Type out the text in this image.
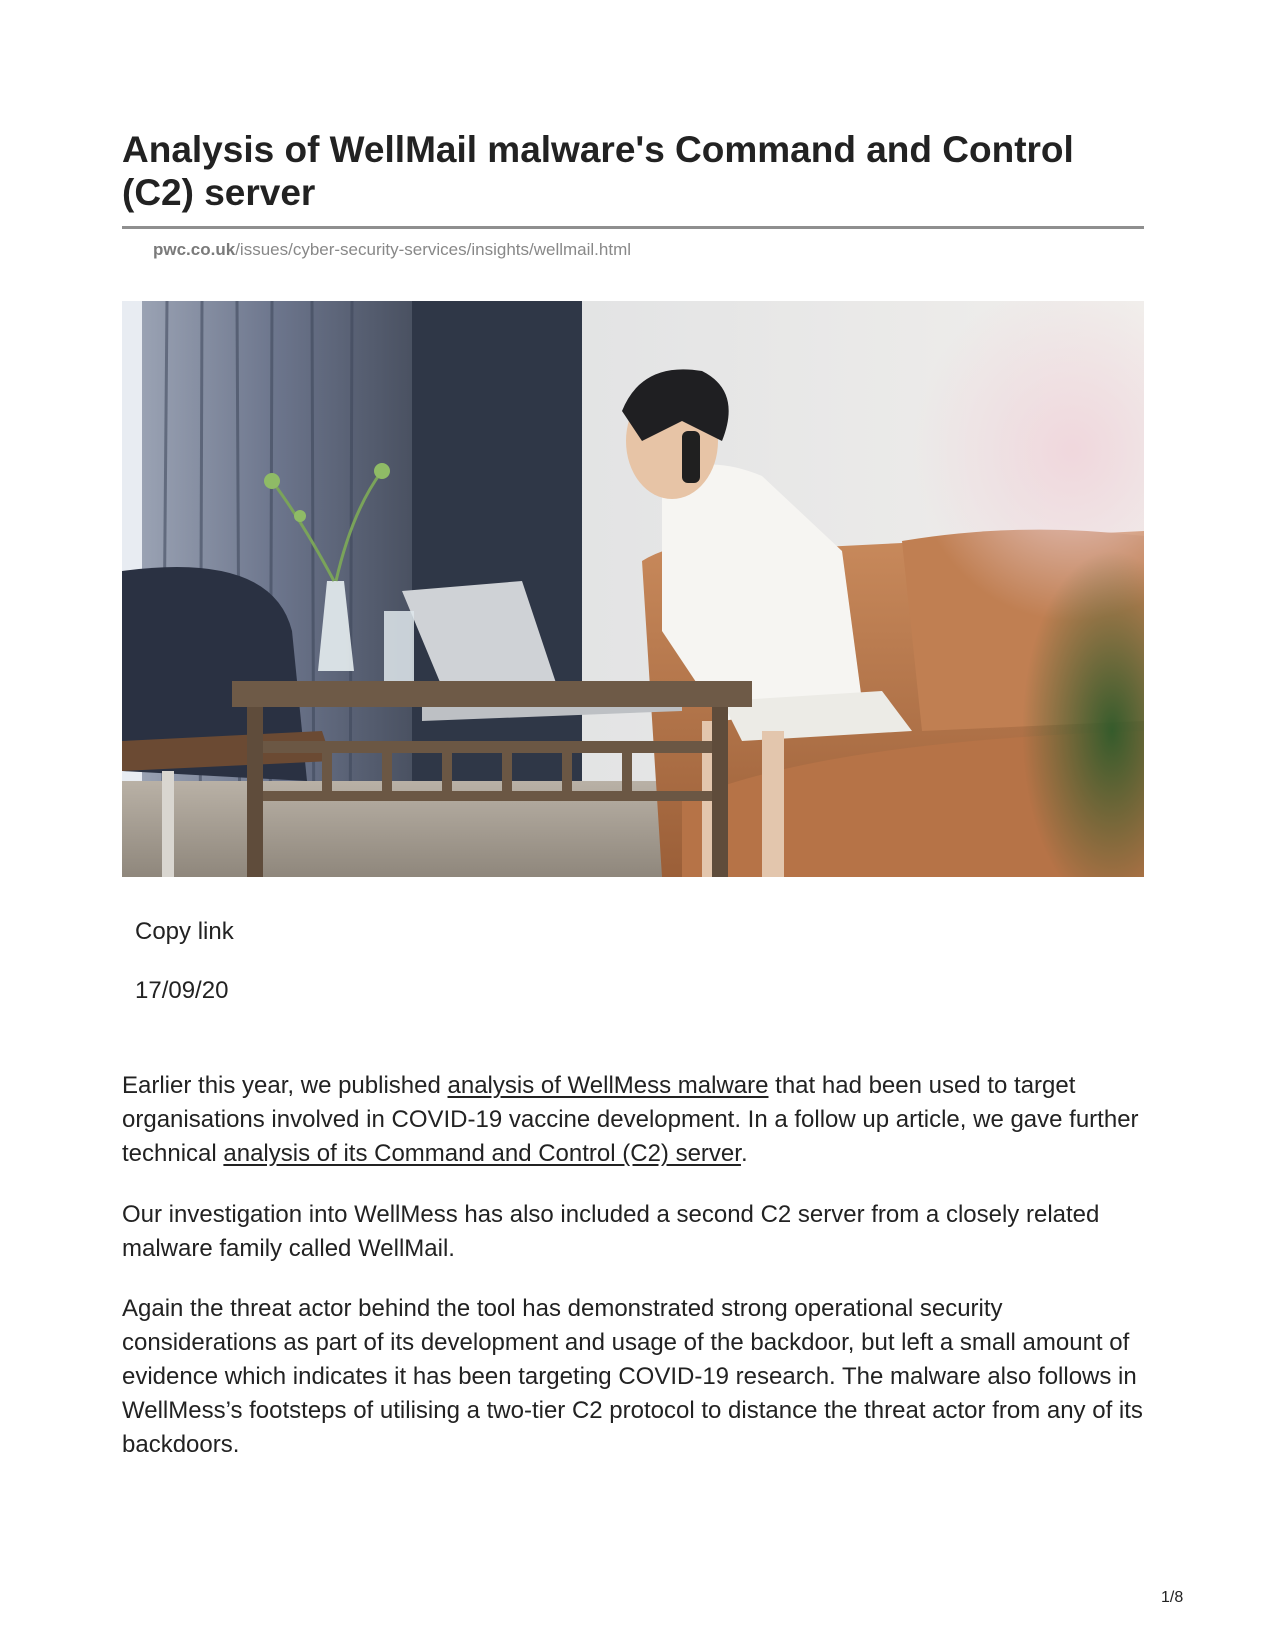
Analysis of WellMail malware's Command and Control (C2) server
pwc.co.uk/issues/cyber-security-services/insights/wellmail.html
Copy link
17/09/20

Earlier this year, we published analysis of WellMess malware that had been used to target organisations involved in COVID-19 vaccine development. In a follow up article, we gave further technical analysis of its Command and Control (C2) server.

Our investigation into WellMess has also included a second C2 server from a closely related malware family called WellMail.

Again the threat actor behind the tool has demonstrated strong operational security considerations as part of its development and usage of the backdoor, but left a small amount of evidence which indicates it has been targeting COVID-19 research. The malware also follows in WellMess’s footsteps of utilising a two-tier C2 protocol to distance the threat actor from any of its backdoors.

1/8
